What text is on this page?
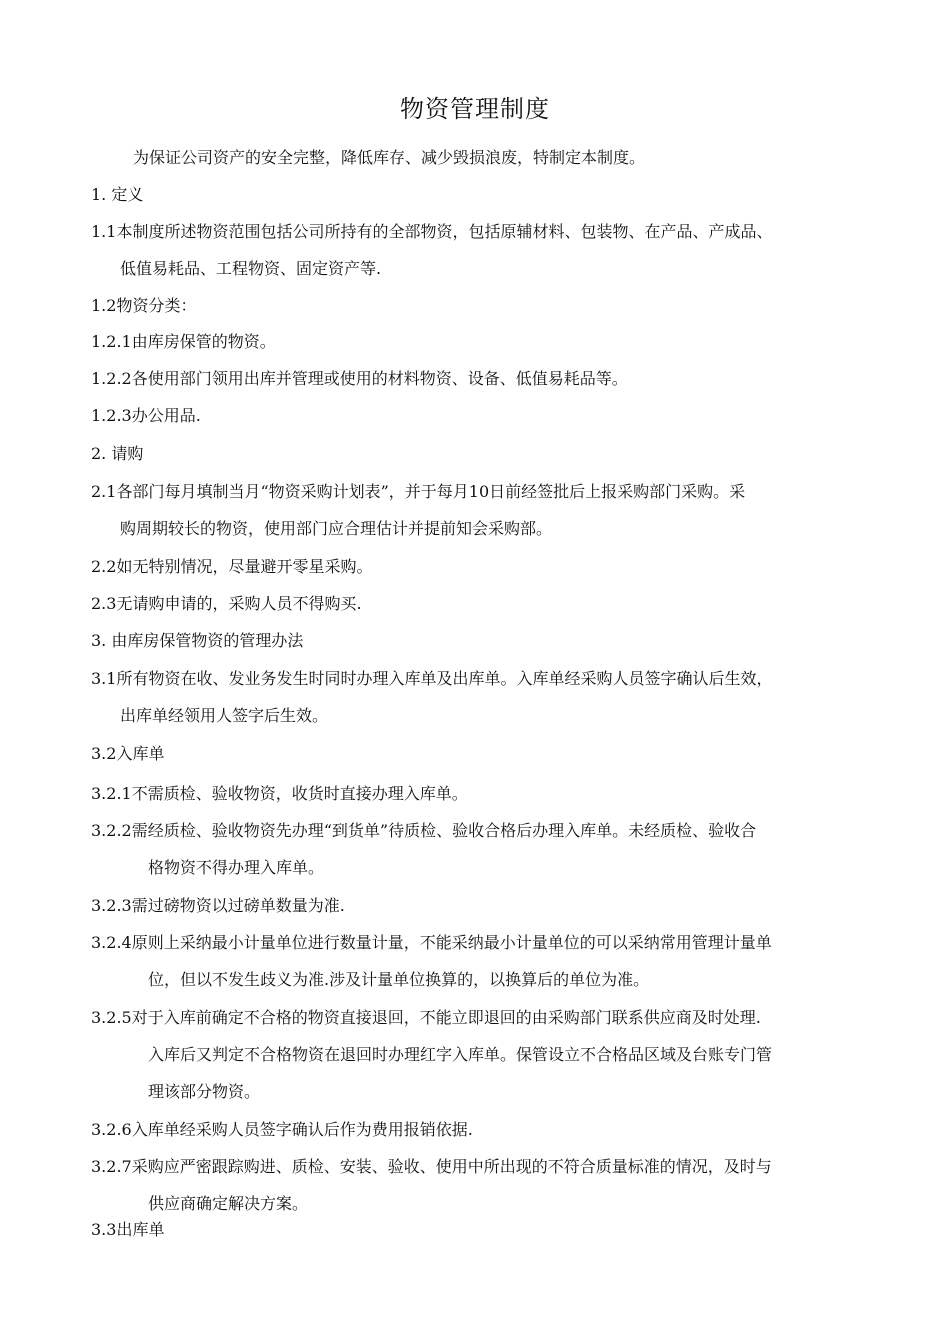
物资管理制度
为保证公司资产的安全完整，降低库存、减少毁损浪废，特制定本制度。
1. 定义
1.1本制度所述物资范围包括公司所持有的全部物资，包括原辅材料、包装物、在产品、产成品、
低值易耗品、工程物资、固定资产等.
1.2物资分类：
1.2.1由库房保管的物资。
1.2.2各使用部门领用出库并管理或使用的材料物资、设备、低值易耗品等。
1.2.3办公用品.
2. 请购
2.1各部门每月填制当月“物资采购计划表”，并于每月10日前经签批后上报采购部门采购。采
购周期较长的物资，使用部门应合理估计并提前知会采购部。
2.2如无特别情况，尽量避开零星采购。
2.3无请购申请的，采购人员不得购买.
3. 由库房保管物资的管理办法
3.1所有物资在收、发业务发生时同时办理入库单及出库单。入库单经采购人员签字确认后生效，
出库单经领用人签字后生效。
3.2入库单
3.2.1不需质检、验收物资，收货时直接办理入库单。
3.2.2需经质检、验收物资先办理“到货单”待质检、验收合格后办理入库单。未经质检、验收合
格物资不得办理入库单。
3.2.3需过磅物资以过磅单数量为准.
3.2.4原则上采纳最小计量单位进行数量计量，不能采纳最小计量单位的可以采纳常用管理计量单
位，但以不发生歧义为准.涉及计量单位换算的，以换算后的单位为准。
3.2.5对于入库前确定不合格的物资直接退回，不能立即退回的由采购部门联系供应商及时处理.
入库后又判定不合格物资在退回时办理红字入库单。保管设立不合格品区域及台账专门管
理该部分物资。
3.2.6入库单经采购人员签字确认后作为费用报销依据.
3.2.7采购应严密跟踪购进、质检、安装、验收、使用中所出现的不符合质量标准的情况，及时与
供应商确定解决方案。
3.3出库单
